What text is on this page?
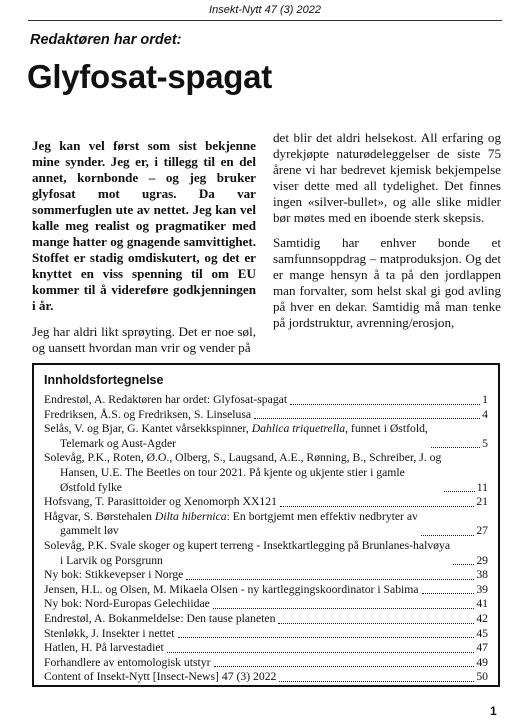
Insekt-Nytt 47 (3) 2022
Redaktøren har ordet:
Glyfosat-spagat

Jeg kan vel først som sist bekjenne mine synder. Jeg er, i tillegg til en del annet, kornbonde – og jeg bruker glyfosat mot ugras. Da var sommerfuglen ute av nettet. Jeg kan vel kalle meg realist og pragmatiker med mange hatter og gnagende samvittighet. Stoffet er stadig omdiskutert, og det er knyttet en viss spenning til om EU kommer til å videreføre godkjenningen i år.

Jeg har aldri likt sprøyting. Det er noe søl, og uansett hvordan man vrir og vender på

det blir det aldri helsekost. All erfaring og dyrekjøpte naturødeleggelser de siste 75 årene vi har bedrevet kjemisk bekjempelse viser dette med all tydelighet. Det finnes ingen «silver-bullet», og alle slike midler bør møtes med en iboende sterk skepsis.

Samtidig har enhver bonde et samfunnsoppdrag – matproduksjon. Og det er mange hensyn å ta på den jordlappen man forvalter, som helst skal gi god avling på hver en dekar. Samtidig må man tenke på jordstruktur, avrenning/erosjon,

Innholdsfortegnelse
Endrestøl, A. Redaktøren har ordet: Glyfosat-spagat	1
Fredriksen, Å.S. og Fredriksen, S. Linselusa	4
Selås, V. og Bjar, G. Kantet vårsekkspinner, Dahlica triquetrella, funnet i Østfold,
Telemark og Aust-Agder	5
Solevåg, P.K., Roten, Ø.O., Olberg, S., Laugsand, A.E., Rønning, B., Schreiber, J. og
Hansen, U.E. The Beetles on tour 2021. På kjente og ukjente stier i gamle
Østfold fylke	11
Hofsvang, T. Parasittoider og Xenomorph XX121	21
Hågvar, S. Børstehalen Dilta hibernica: En bortgjemt men effektiv nedbryter av
gammelt løv	27
Solevåg, P.K. Svale skoger og kupert terreng - Insektkartlegging på Brunlanes-halvøya
i Larvik og Porsgrunn	29
Ny bok: Stikkevepser i Norge	38
Jensen, H.L. og Olsen, M. Mikaela Olsen - ny kartleggingskoordinator i Sabima	39
Ny bok: Nord-Europas Gelechiidae	41
Endrestøl, A. Bokanmeldelse: Den tause planeten	42
Stenløkk, J. Insekter i nettet	45
Hatlen, H. På larvestadiet	47
Forhandlere av entomologisk utstyr	49
Content of Insekt-Nytt [Insect-News] 47 (3) 2022	50
1
